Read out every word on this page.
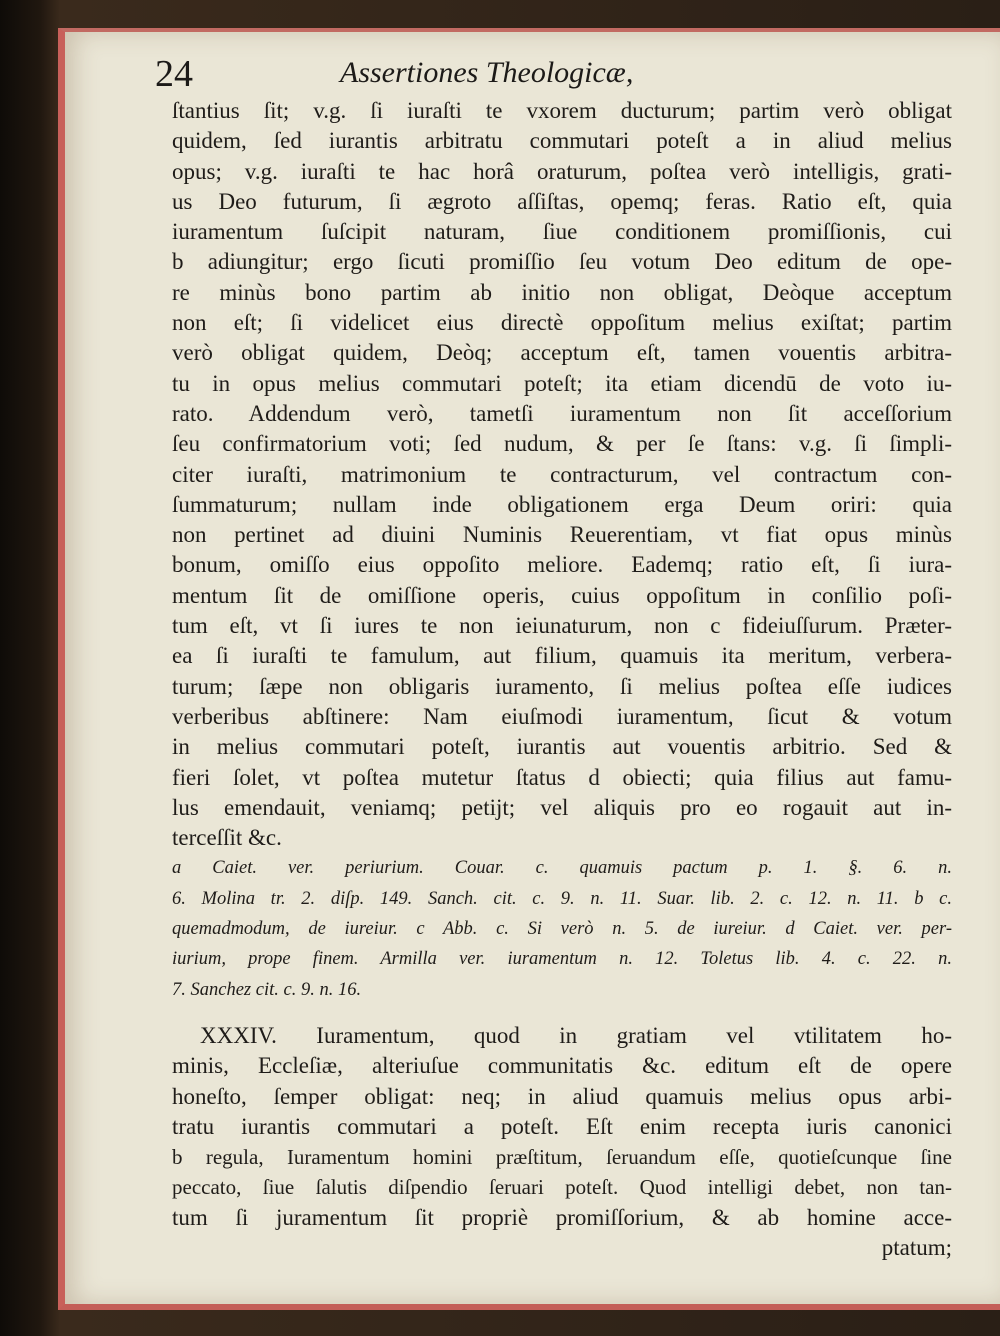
24	Assertiones Theologicæ,
ſtantius ſit; v.g. ſi iuraſti te vxorem ducturum; partim verò obligat
quidem, ſed iurantis arbitratu commutari poteſt a in aliud melius
opus; v.g. iuraſti te hac horâ oraturum, poſtea verò intelligis, grati-
us Deo futurum, ſi ægroto aſſiſtas, opemq; feras. Ratio eſt, quia
iuramentum ſuſcipit naturam, ſiue conditionem promiſſionis, cui
b adiungitur; ergo ſicuti promiſſio ſeu votum Deo editum de ope-
re minùs bono partim ab initio non obligat, Deòque acceptum
non eſt; ſi videlicet eius directè oppoſitum melius exiſtat; partim
verò obligat quidem, Deòq; acceptum eſt, tamen vouentis arbitra-
tu in opus melius commutari poteſt; ita etiam dicendū de voto iu-
rato. Addendum verò, tametſi iuramentum non ſit acceſſorium
ſeu confirmatorium voti; ſed nudum, & per ſe ſtans: v.g. ſi ſimpli-
citer iuraſti, matrimonium te contracturum, vel contractum con-
ſummaturum; nullam inde obligationem erga Deum oriri: quia
non pertinet ad diuini Numinis Reuerentiam, vt fiat opus minùs
bonum, omiſſo eius oppoſito meliore. Eademq; ratio eſt, ſi iura-
mentum ſit de omiſſione operis, cuius oppoſitum in conſilio poſi-
tum eſt, vt ſi iures te non ieiunaturum, non c fideiuſſurum. Præter-
ea ſi iuraſti te famulum, aut filium, quamuis ita meritum, verbera-
turum; ſæpe non obligaris iuramento, ſi melius poſtea eſſe iudices
verberibus abſtinere: Nam eiuſmodi iuramentum, ſicut & votum
in melius commutari poteſt, iurantis aut vouentis arbitrio. Sed &
fieri ſolet, vt poſtea mutetur ſtatus d obiecti; quia filius aut famu-
lus emendauit, veniamq; petijt; vel aliquis pro eo rogauit aut in-
terceſſit &c.
a Caiet. ver. periurium. Couar. c. quamuis pactum p. 1. §. 6. n.
6. Molina tr. 2. diſp. 149. Sanch. cit. c. 9. n. 11. Suar. lib. 2. c. 12. n. 11. b c.
quemadmodum, de iureiur. c Abb. c. Si verò n. 5. de iureiur. d Caiet. ver. per-
iurium, prope finem. Armilla ver. iuramentum n. 12. Toletus lib. 4. c. 22. n.
7. Sanchez cit. c. 9. n. 16.
XXXIV. Iuramentum, quod in gratiam vel vtilitatem ho-
minis, Eccleſiæ, alteriuſue communitatis &c. editum eſt de opere
honeſto, ſemper obligat: neq; in aliud quamuis melius opus arbi-
tratu iurantis commutari a poteſt. Eſt enim recepta iuris canonici
b regula, Iuramentum homini præſtitum, ſeruandum eſſe, quotieſcunque ſine
peccato, ſiue ſalutis diſpendio ſeruari poteſt. Quod intelligi debet, non tan-
tum ſi juramentum ſit propriè promiſſorium, & ab homine acce-
ptatum;
